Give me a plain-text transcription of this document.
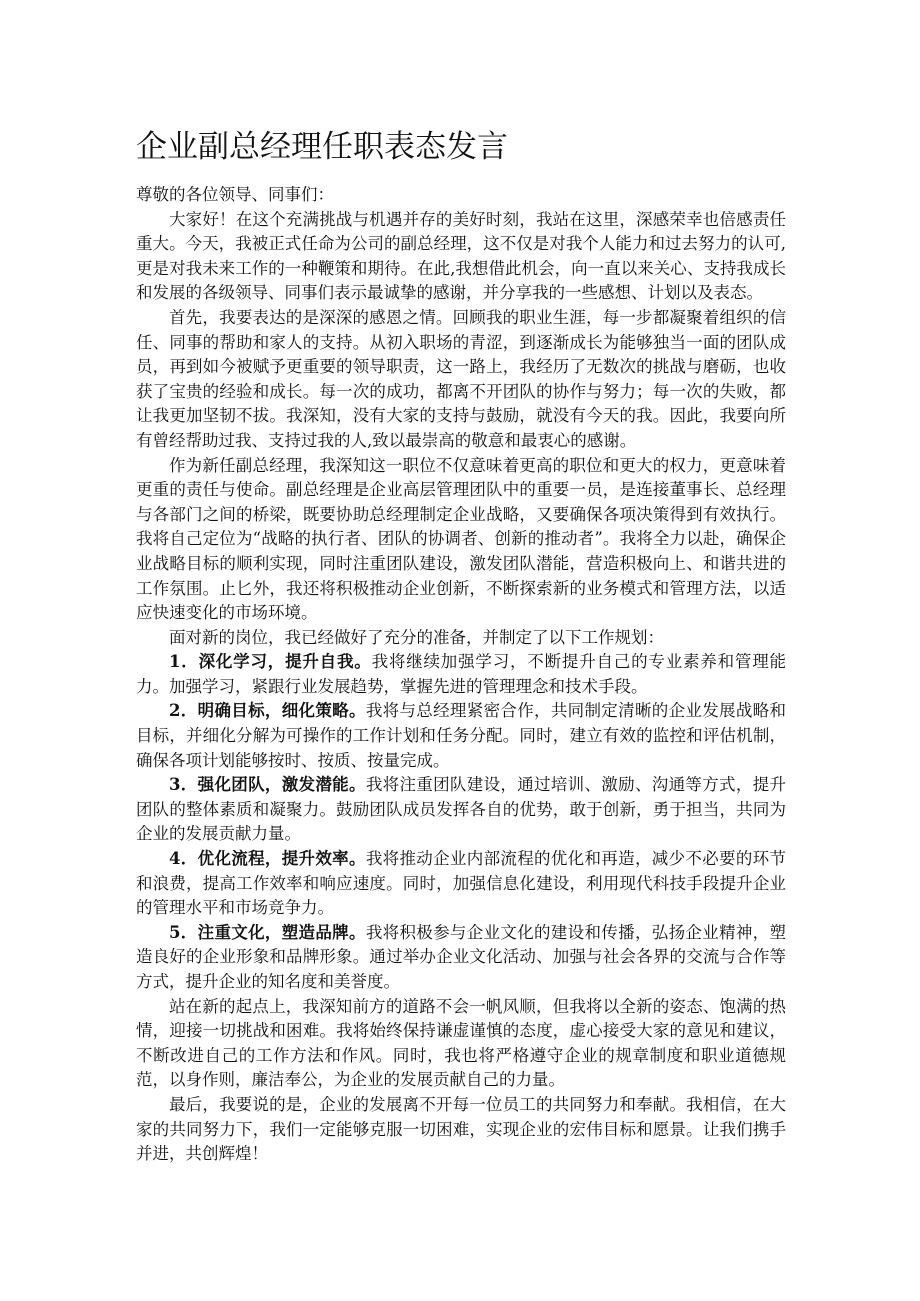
企业副总经理任职表态发言

尊敬的各位领导、同事们：

大家好！在这个充满挑战与机遇并存的美好时刻，我站在这里，深感荣幸也倍感责任重大。今天，我被正式任命为公司的副总经理，这不仅是对我个人能力和过去努力的认可,更是对我未来工作的一种鞭策和期待。在此,我想借此机会，向一直以来关心、支持我成长和发展的各级领导、同事们表示最诚挚的感谢，并分享我的一些感想、计划以及表态。

首先，我要表达的是深深的感恩之情。回顾我的职业生涯，每一步都凝聚着组织的信任、同事的帮助和家人的支持。从初入职场的青涩，到逐渐成长为能够独当一面的团队成员，再到如今被赋予更重要的领导职责，这一路上，我经历了无数次的挑战与磨砺，也收获了宝贵的经验和成长。每一次的成功，都离不开团队的协作与努力；每一次的失败，都让我更加坚韧不拔。我深知，没有大家的支持与鼓励，就没有今天的我。因此，我要向所有曾经帮助过我、支持过我的人,致以最崇高的敬意和最衷心的感谢。

作为新任副总经理，我深知这一职位不仅意味着更高的职位和更大的权力，更意味着更重的责任与使命。副总经理是企业高层管理团队中的重要一员，是连接董事长、总经理与各部门之间的桥梁，既要协助总经理制定企业战略，又要确保各项决策得到有效执行。我将自己定位为“战略的执行者、团队的协调者、创新的推动者”。我将全力以赴，确保企业战略目标的顺利实现，同时注重团队建设，激发团队潜能，营造积极向上、和谐共进的工作氛围。止匕外，我还将积极推动企业创新，不断探索新的业务模式和管理方法，以适应快速变化的市场环境。

面对新的岗位，我已经做好了充分的准备，并制定了以下工作规划：

1．深化学习，提升自我。我将继续加强学习，不断提升自己的专业素养和管理能力。加强学习，紧跟行业发展趋势，掌握先进的管理理念和技术手段。

2．明确目标，细化策略。我将与总经理紧密合作，共同制定清晰的企业发展战略和目标，并细化分解为可操作的工作计划和任务分配。同时，建立有效的监控和评估机制，确保各项计划能够按时、按质、按量完成。

3．强化团队，激发潜能。我将注重团队建设，通过培训、激励、沟通等方式，提升团队的整体素质和凝聚力。鼓励团队成员发挥各自的优势，敢于创新，勇于担当，共同为企业的发展贡献力量。

4．优化流程，提升效率。我将推动企业内部流程的优化和再造，减少不必要的环节和浪费，提高工作效率和响应速度。同时，加强信息化建设，利用现代科技手段提升企业的管理水平和市场竞争力。

5．注重文化，塑造品牌。我将积极参与企业文化的建设和传播，弘扬企业精神，塑造良好的企业形象和品牌形象。通过举办企业文化活动、加强与社会各界的交流与合作等方式，提升企业的知名度和美誉度。

站在新的起点上，我深知前方的道路不会一帆风顺，但我将以全新的姿态、饱满的热情，迎接一切挑战和困难。我将始终保持谦虚谨慎的态度，虚心接受大家的意见和建议，不断改进自己的工作方法和作风。同时，我也将严格遵守企业的规章制度和职业道德规范，以身作则，廉洁奉公，为企业的发展贡献自己的力量。

最后，我要说的是，企业的发展离不开每一位员工的共同努力和奉献。我相信，在大家的共同努力下，我们一定能够克服一切困难，实现企业的宏伟目标和愿景。让我们携手并进，共创辉煌！
